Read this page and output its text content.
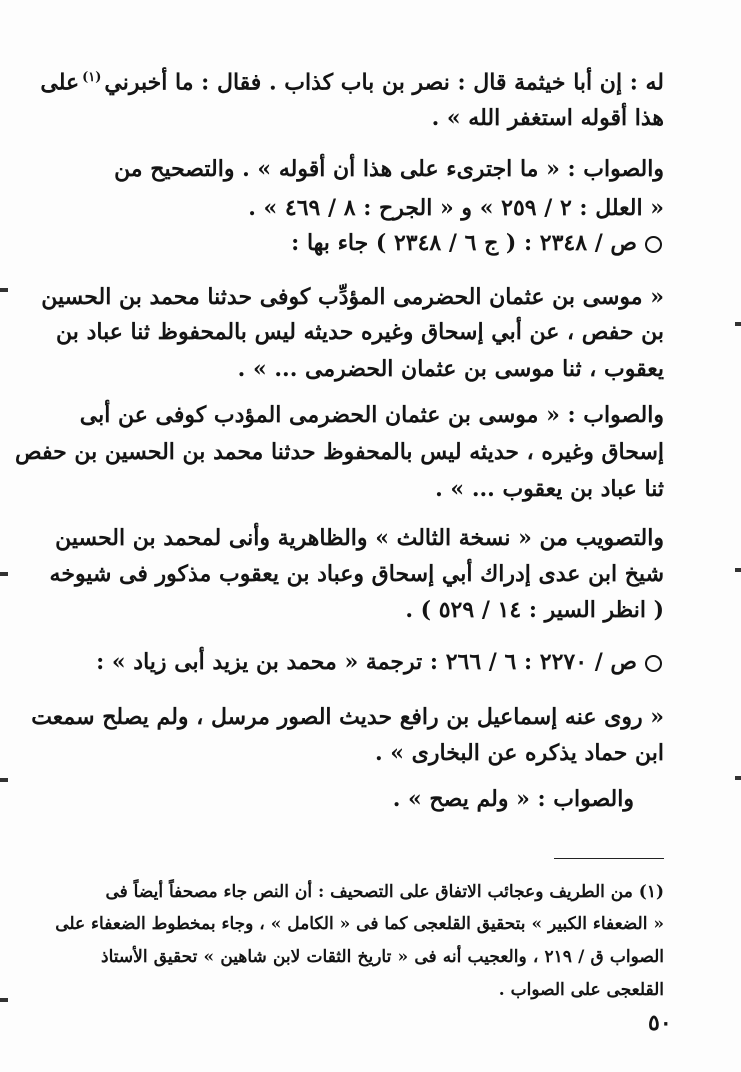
له : إن أبا خيثمة قال : نصر بن باب كذاب . فقال : ما أخبرني$^{(١)}$على
هذا أقوله استغفر الله » .
والصواب : « ما اجترىء على هذا أن أقوله » . والتصحيح من
« العلل : ٢ / ٢٥٩ » و « الجرح : ٨ / ٤٦٩ » .
ص / ٢٣٤٨ : ( ج ٦ / ٢٣٤٨ ) جاء بها :
« موسى بن عثمان الحضرمى المؤدِّب كوفى حدثنا محمد بن الحسين
بن حفص ، عن أبي إسحاق وغيره حديثه ليس بالمحفوظ ثنا عباد بن
يعقوب ، ثنا موسى بن عثمان الحضرمى ... » .
والصواب : « موسى بن عثمان الحضرمى المؤدب كوفى عن أبى
إسحاق وغيره ، حديثه ليس بالمحفوظ حدثنا محمد بن الحسين بن حفص
ثنا عباد بن يعقوب ... » .
والتصويب من « نسخة الثالث » والظاهرية وأنى لمحمد بن الحسين
شيخ ابن عدى إدراك أبي إسحاق وعباد بن يعقوب مذكور فى شيوخه
( انظر السير : ١٤ / ٥٢٩ ) .
ص / ٢٢٧٠ : ٦ / ٢٦٦ : ترجمة « محمد بن يزيد أبى زياد » :
« روى عنه إسماعيل بن رافع حديث الصور مرسل ، ولم يصلح سمعت
ابن حماد يذكره عن البخارى » .
والصواب : « ولم يصح » .
(١) من الطريف وعجائب الاتفاق على التصحيف : أن النص جاء مصحفاً أيضاً فى
« الضعفاء الكبير » بتحقيق القلعجى كما فى « الكامل » ، وجاء بمخطوط الضعفاء على
الصواب ق / ٢١٩ ، والعجيب أنه فى « تاريخ الثقات لابن شاهين » تحقيق الأستاذ
القلعجى على الصواب .
٥٠
